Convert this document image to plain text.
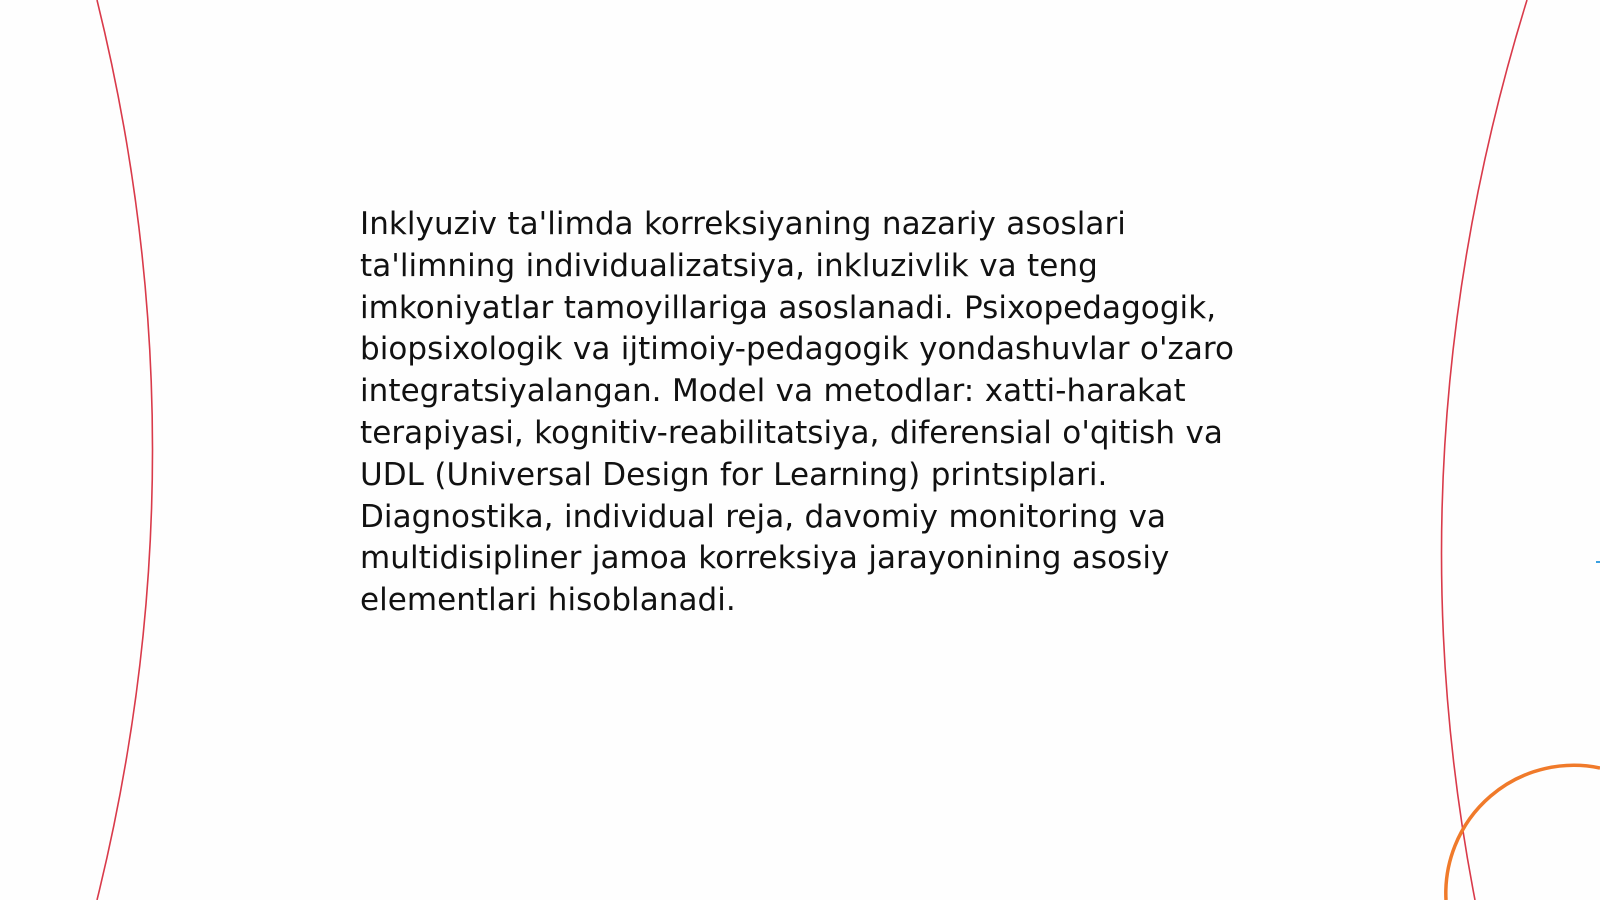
Inklyuziv ta'limda korreksiyaning nazariy asoslari ta'limning individualizatsiya, inkluzivlik va teng imkoniyatlar tamoyillariga asoslanadi. Psixopedagogik, biopsixologik va ijtimoiy-pedagogik yondashuvlar o'zaro integratsiyalangan. Model va metodlar: xatti-harakat terapiyasi, kognitiv-reabilitatsiya, diferensial o'qitish va UDL (Universal Design for Learning) printsiplari. Diagnostika, individual reja, davomiy monitoring va multidisipliner jamoa korreksiya jarayonining asosiy elementlari hisoblanadi.
